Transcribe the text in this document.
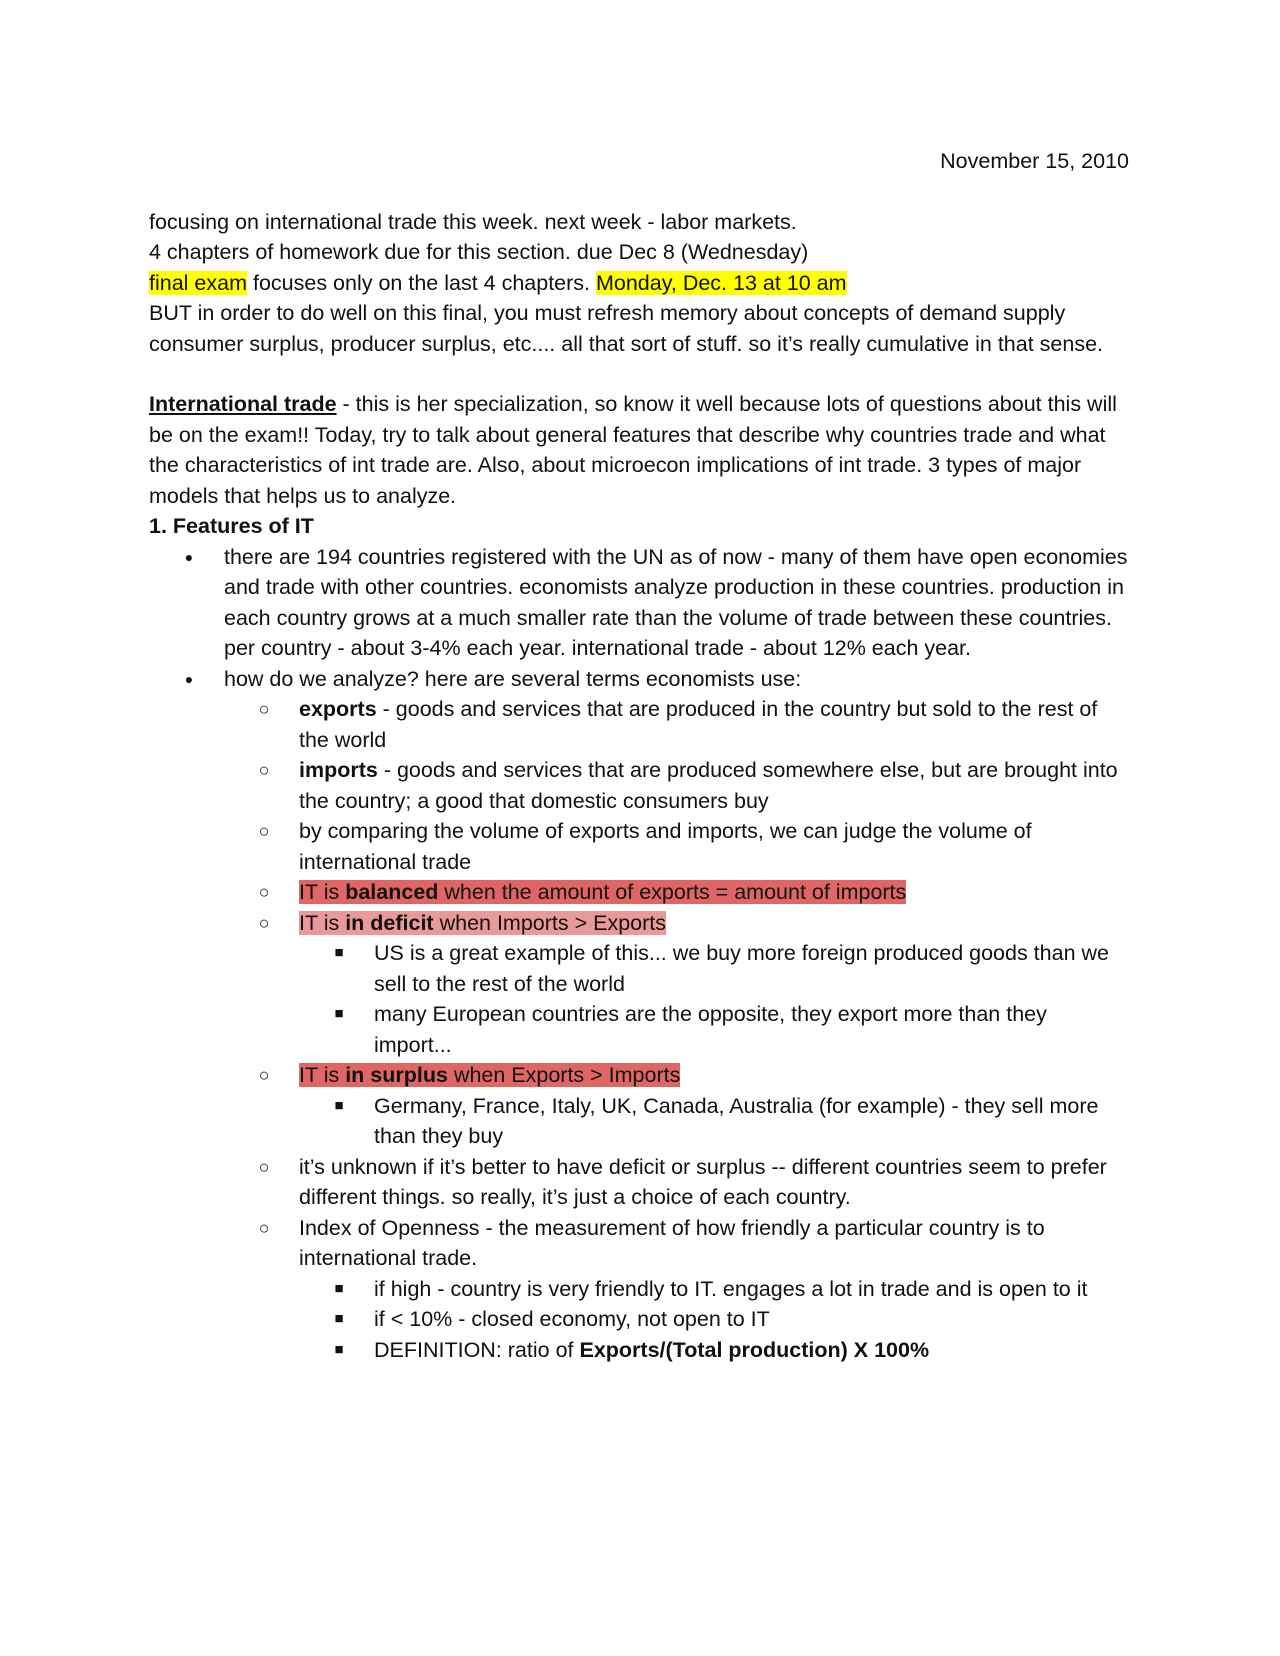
November 15, 2010

focusing on international trade this week. next week - labor markets.

4 chapters of homework due for this section. due Dec 8 (Wednesday)

final exam focuses only on the last 4 chapters. Monday, Dec. 13 at 10 am

BUT in order to do well on this final, you must refresh memory about concepts of demand supply consumer surplus, producer surplus, etc.... all that sort of stuff. so it’s really cumulative in that sense.

International trade - this is her specialization, so know it well because lots of questions about this will be on the exam!! Today, try to talk about general features that describe why countries trade and what the characteristics of int trade are. Also, about microecon implications of int trade. 3 types of major models that helps us to analyze.

1. Features of IT

● there are 194 countries registered with the UN as of now - many of them have open economies and trade with other countries. economists analyze production in these countries. production in each country grows at a much smaller rate than the volume of trade between these countries. per country - about 3-4% each year. international trade - about 12% each year.
● how do we analyze? here are several terms economists use:
○ exports - goods and services that are produced in the country but sold to the rest of the world
○ imports - goods and services that are produced somewhere else, but are brought into the country; a good that domestic consumers buy
○ by comparing the volume of exports and imports, we can judge the volume of international trade
○ IT is balanced when the amount of exports = amount of imports
○ IT is in deficit when Imports > Exports
■ US is a great example of this... we buy more foreign produced goods than we sell to the rest of the world
■ many European countries are the opposite, they export more than they import...
○ IT is in surplus when Exports > Imports
■ Germany, France, Italy, UK, Canada, Australia (for example) - they sell more than they buy
○ it’s unknown if it’s better to have deficit or surplus -- different countries seem to prefer different things. so really, it’s just a choice of each country.
○ Index of Openness - the measurement of how friendly a particular country is to international trade.
■ if high - country is very friendly to IT. engages a lot in trade and is open to it
■ if < 10% - closed economy, not open to IT
■ DEFINITION: ratio of Exports/(Total production) X 100%
